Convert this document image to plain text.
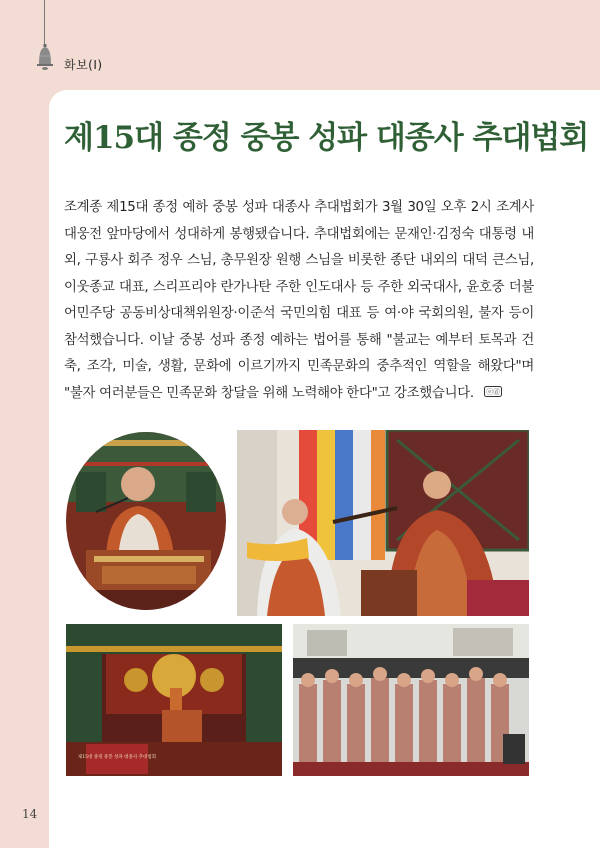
화보(Ⅰ)
제15대 종정 중봉 성파 대종사 추대법회
조계종 제15대 종정 예하 중봉 성파 대종사 추대법회가 3월 30일 오후 2시 조계사 대웅전 앞마당에서 성대하게 봉행됐습니다. 추대법회에는 문재인·김정숙 대통령 내외, 구룡사 회주 정우 스님, 총무원장 원행 스님을 비롯한 종단 내외의 대덕 큰스님, 이웃종교 대표, 스리프리야 란가나탄 주한 인도대사 등 주한 외국대사, 윤호중 더불어민주당 공동비상대책위원장·이준석 국민의힘 대표 등 여·야 국회의원, 불자 등이 참석했습니다. 이날 중봉 성파 종정 예하는 법어를 통해 "불교는 예부터 토목과 건축, 조각, 미술, 생활, 문화에 이르기까지 민족문화의 중추적인 역할을 해왔다"며 "불자 여러분들은 민족문화 창달을 위해 노력해야 한다"고 강조했습니다. ⓔⓓ
제15대 종정 중봉 성파 대종사 추대법회
14
